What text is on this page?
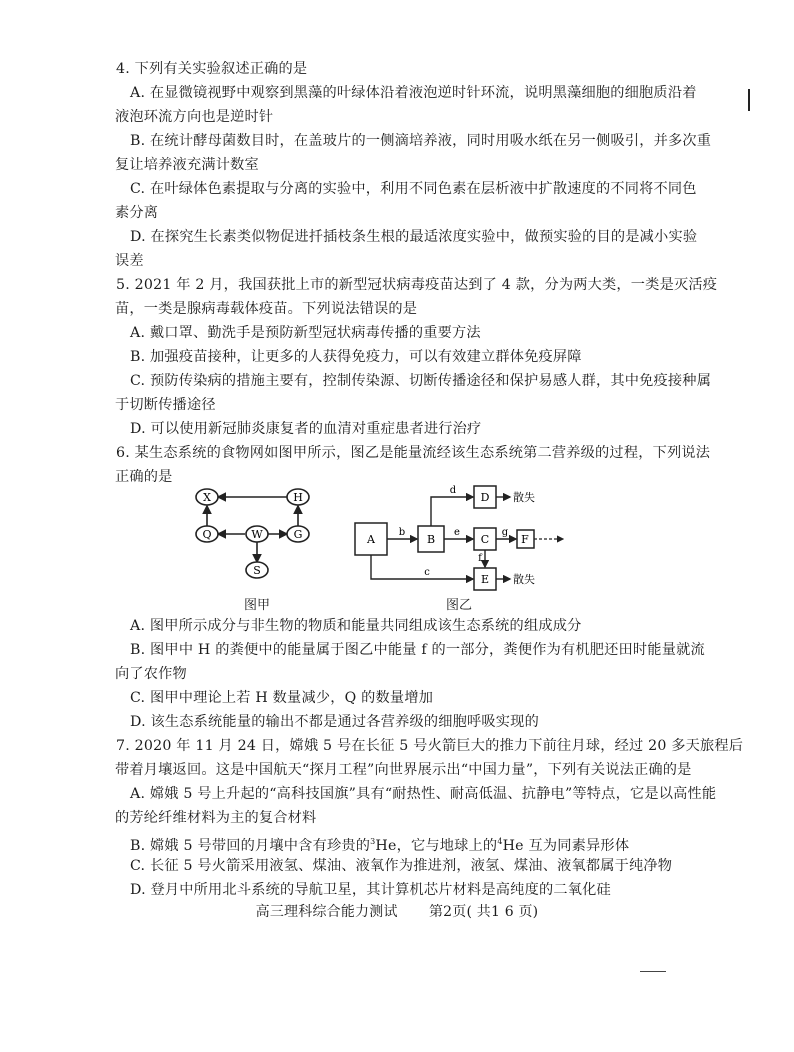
4. 下列有关实验叙述正确的是
A. 在显微镜视野中观察到黑藻的叶绿体沿着液泡逆时针环流，说明黑藻细胞的细胞质沿着
液泡环流方向也是逆时针
B. 在统计酵母菌数目时，在盖玻片的一侧滴培养液，同时用吸水纸在另一侧吸引，并多次重
复让培养液充满计数室
C. 在叶绿体色素提取与分离的实验中，利用不同色素在层析液中扩散速度的不同将不同色
素分离
D. 在探究生长素类似物促进扦插枝条生根的最适浓度实验中，做预实验的目的是减小实验
误差
5. 2021 年 2 月，我国获批上市的新型冠状病毒疫苗达到了 4 款，分为两大类，一类是灭活疫
苗，一类是腺病毒载体疫苗。下列说法错误的是
A. 戴口罩、勤洗手是预防新型冠状病毒传播的重要方法
B. 加强疫苗接种，让更多的人获得免疫力，可以有效建立群体免疫屏障
C. 预防传染病的措施主要有，控制传染源、切断传播途径和保护易感人群，其中免疫接种属
于切断传播途径
D. 可以使用新冠肺炎康复者的血清对重症患者进行治疗
6. 某生态系统的食物网如图甲所示，图乙是能量流经该生态系统第二营养级的过程，下列说法
正确的是
X	H
Q	W	G
S
图甲
A	B	C
D
E
F
b
d
e	g
f
c
散失
散失
图乙
A. 图甲所示成分与非生物的物质和能量共同组成该生态系统的组成成分
B. 图甲中 H 的粪便中的能量属于图乙中能量 f 的一部分，粪便作为有机肥还田时能量就流
向了农作物
C. 图甲中理论上若 H 数量减少，Q 的数量增加
D. 该生态系统能量的输出不都是通过各营养级的细胞呼吸实现的
7. 2020 年 11 月 24 日，嫦娥 5 号在长征 5 号火箭巨大的推力下前往月球，经过 20 多天旅程后
带着月壤返回。这是中国航天“探月工程”向世界展示出“中国力量”，下列有关说法正确的是
A. 嫦娥 5 号上升起的“高科技国旗”具有“耐热性、耐高低温、抗静电”等特点，它是以高性能
的芳纶纤维材料为主的复合材料
B. 嫦娥 5 号带回的月壤中含有珍贵的$^3$He，它与地球上的$^4$He 互为同素异形体
C. 长征 5 号火箭采用液氢、煤油、液氧作为推进剂，液氢、煤油、液氧都属于纯净物
D. 登月中所用北斗系统的导航卫星，其计算机芯片材料是高纯度的二氧化硅
高三理科综合能力测试 第2页( 共1 6 页)
